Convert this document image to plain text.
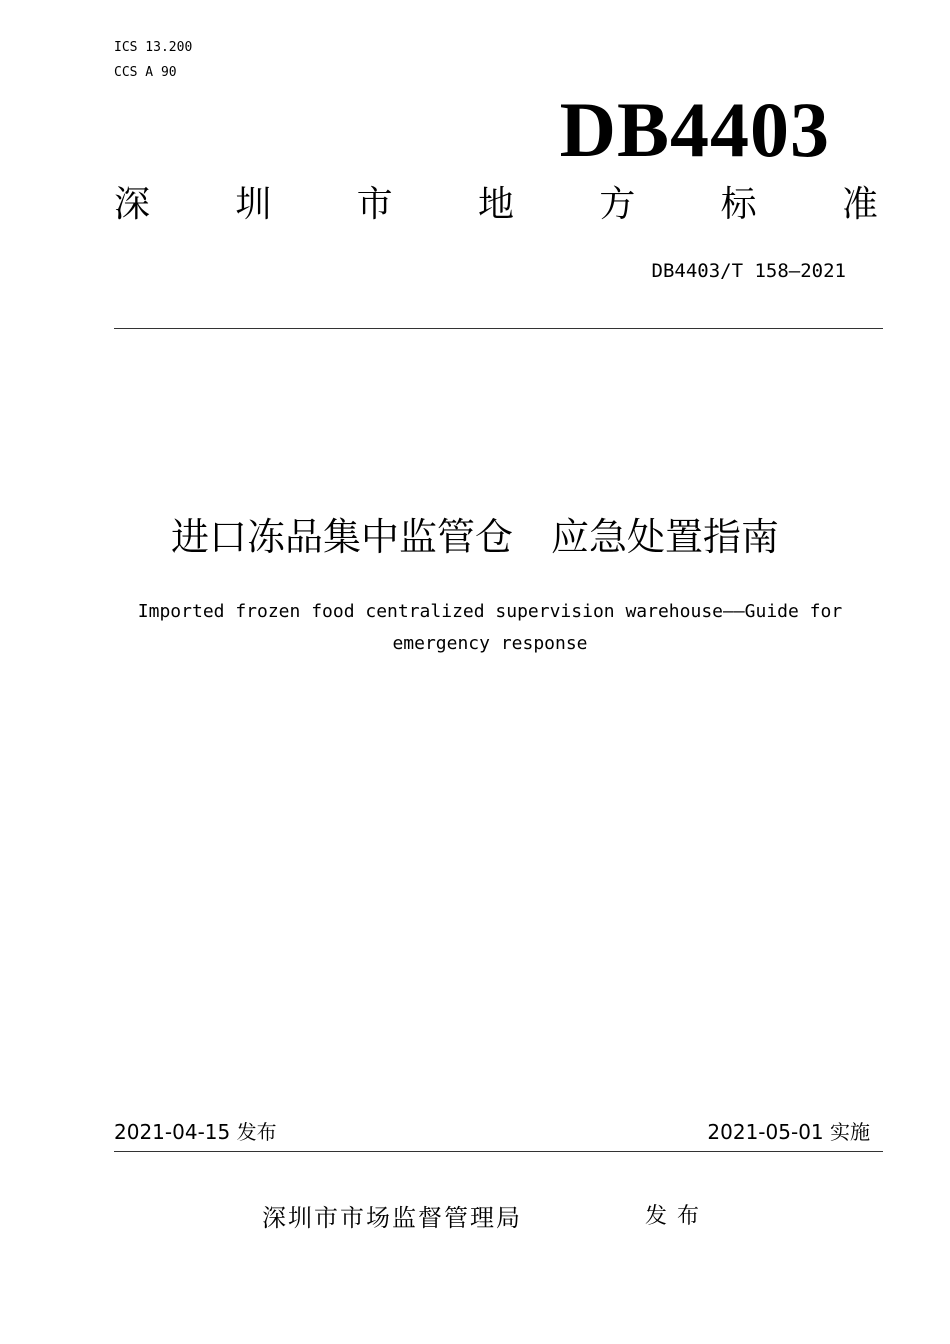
ICS 13.200
CCS A 90
DB4403
深 圳 市 地 方 标 准
DB4403/T 158—2021
进口冻品集中监管仓　应急处置指南
Imported frozen food centralized supervision warehouse——Guide for emergency response
2021-04-15 发布	2021-05-01 实施
深圳市市场监督管理局	发布
